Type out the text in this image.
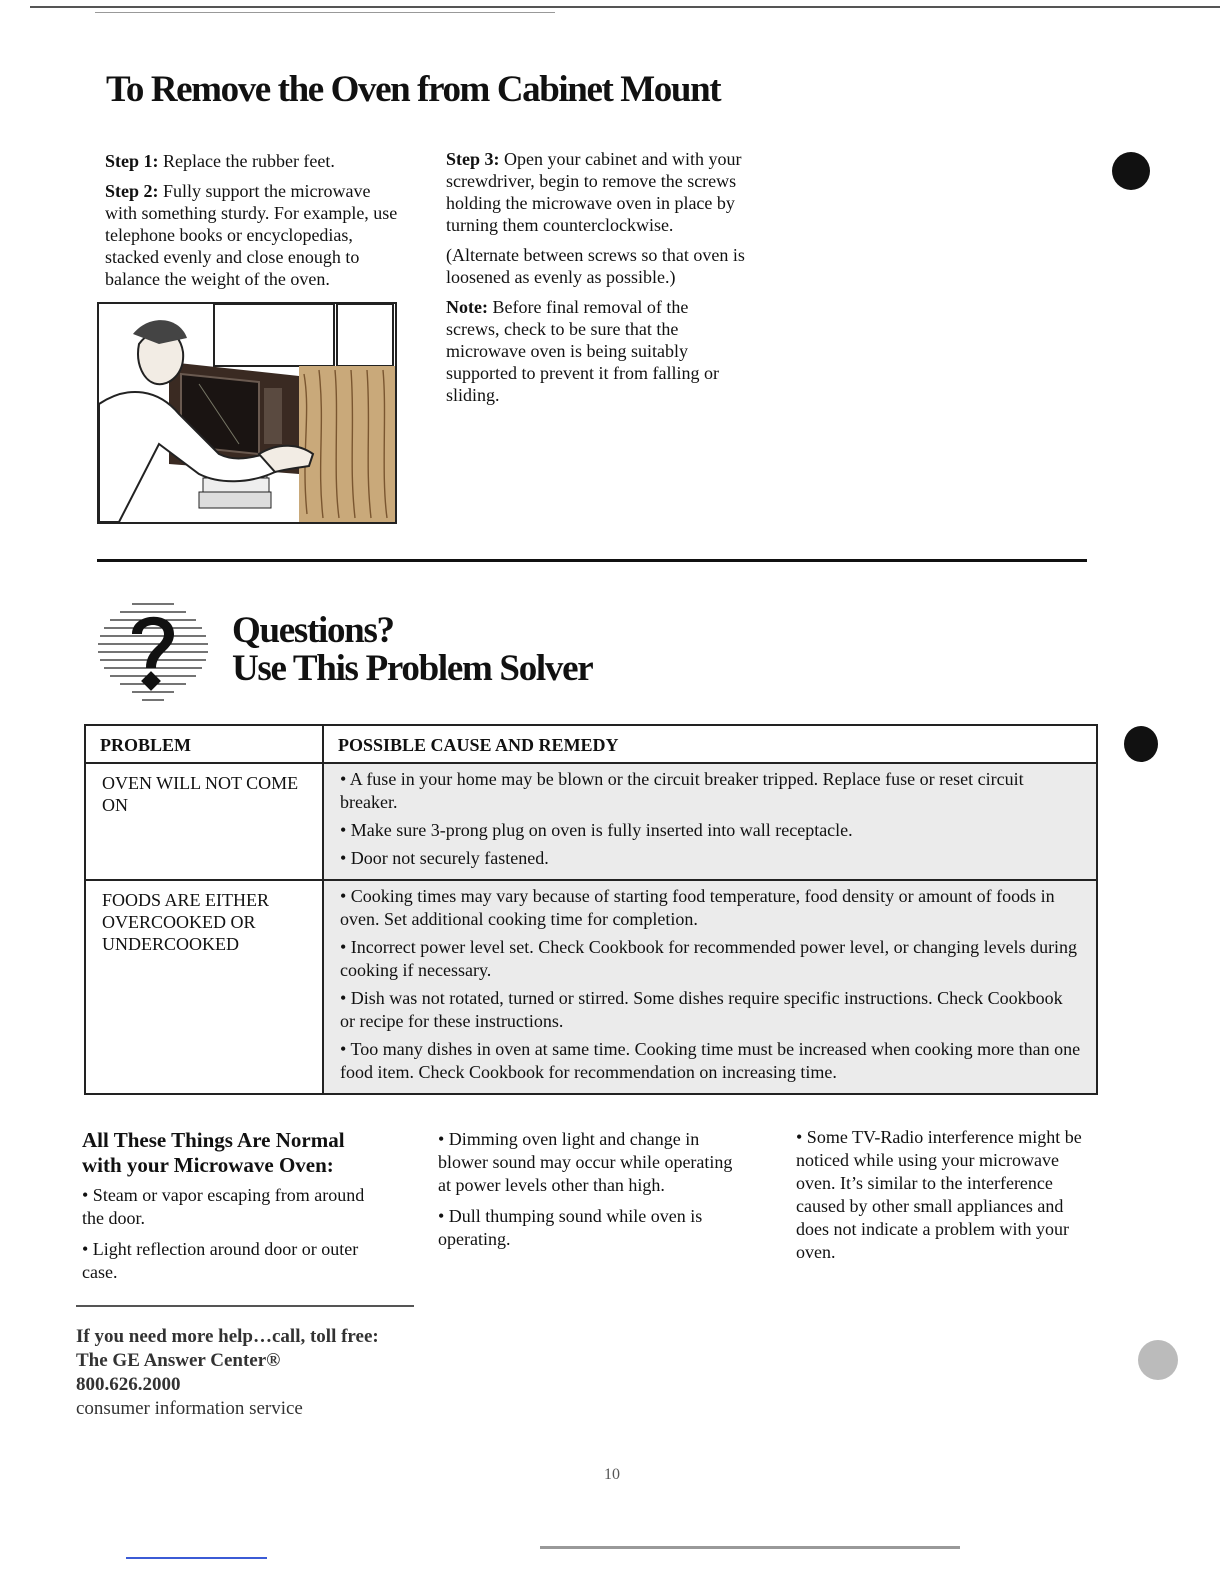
To Remove the Oven from Cabinet Mount

Step 1: Replace the rubber feet.

Step 2: Fully support the microwave with something sturdy. For example, use telephone books or encyclopedias, stacked evenly and close enough to balance the weight of the oven.

Step 3: Open your cabinet and with your screwdriver, begin to remove the screws holding the microwave oven in place by turning them counterclockwise.

(Alternate between screws so that oven is loosened as evenly as possible.)

Note: Before final removal of the screws, check to be sure that the microwave oven is being suitably supported to prevent it from falling or sliding.

Questions?
Use This Problem Solver
PROBLEM	POSSIBLE CAUSE AND REMEDY
OVEN WILL NOT COME ON	• A fuse in your home may be blown or the circuit breaker tripped. Replace fuse or reset circuit breaker.

• Make sure 3-prong plug on oven is fully inserted into wall receptacle.

• Door not securely fastened.

FOODS ARE EITHER OVERCOOKED OR UNDERCOOKED	• Cooking times may vary because of starting food temperature, food density or amount of foods in oven. Set additional cooking time for completion.

• Incorrect power level set. Check Cookbook for recommended power level, or changing levels during cooking if necessary.

• Dish was not rotated, turned or stirred. Some dishes require specific instructions. Check Cookbook or recipe for these instructions.

• Too many dishes in oven at same time. Cooking time must be increased when cooking more than one food item. Check Cookbook for recommendation on increasing time.

All These Things Are Normal with your Microwave Oven:

• Steam or vapor escaping from around the door.

• Light reflection around door or outer case.

• Dimming oven light and change in blower sound may occur while operating at power levels other than high.

• Dull thumping sound while oven is operating.

• Some TV-Radio interference might be noticed while using your microwave oven. It’s similar to the interference caused by other small appliances and does not indicate a problem with your oven.

If you need more help…call, toll free:
The GE Answer Center®
800.626.2000
consumer information service
10
